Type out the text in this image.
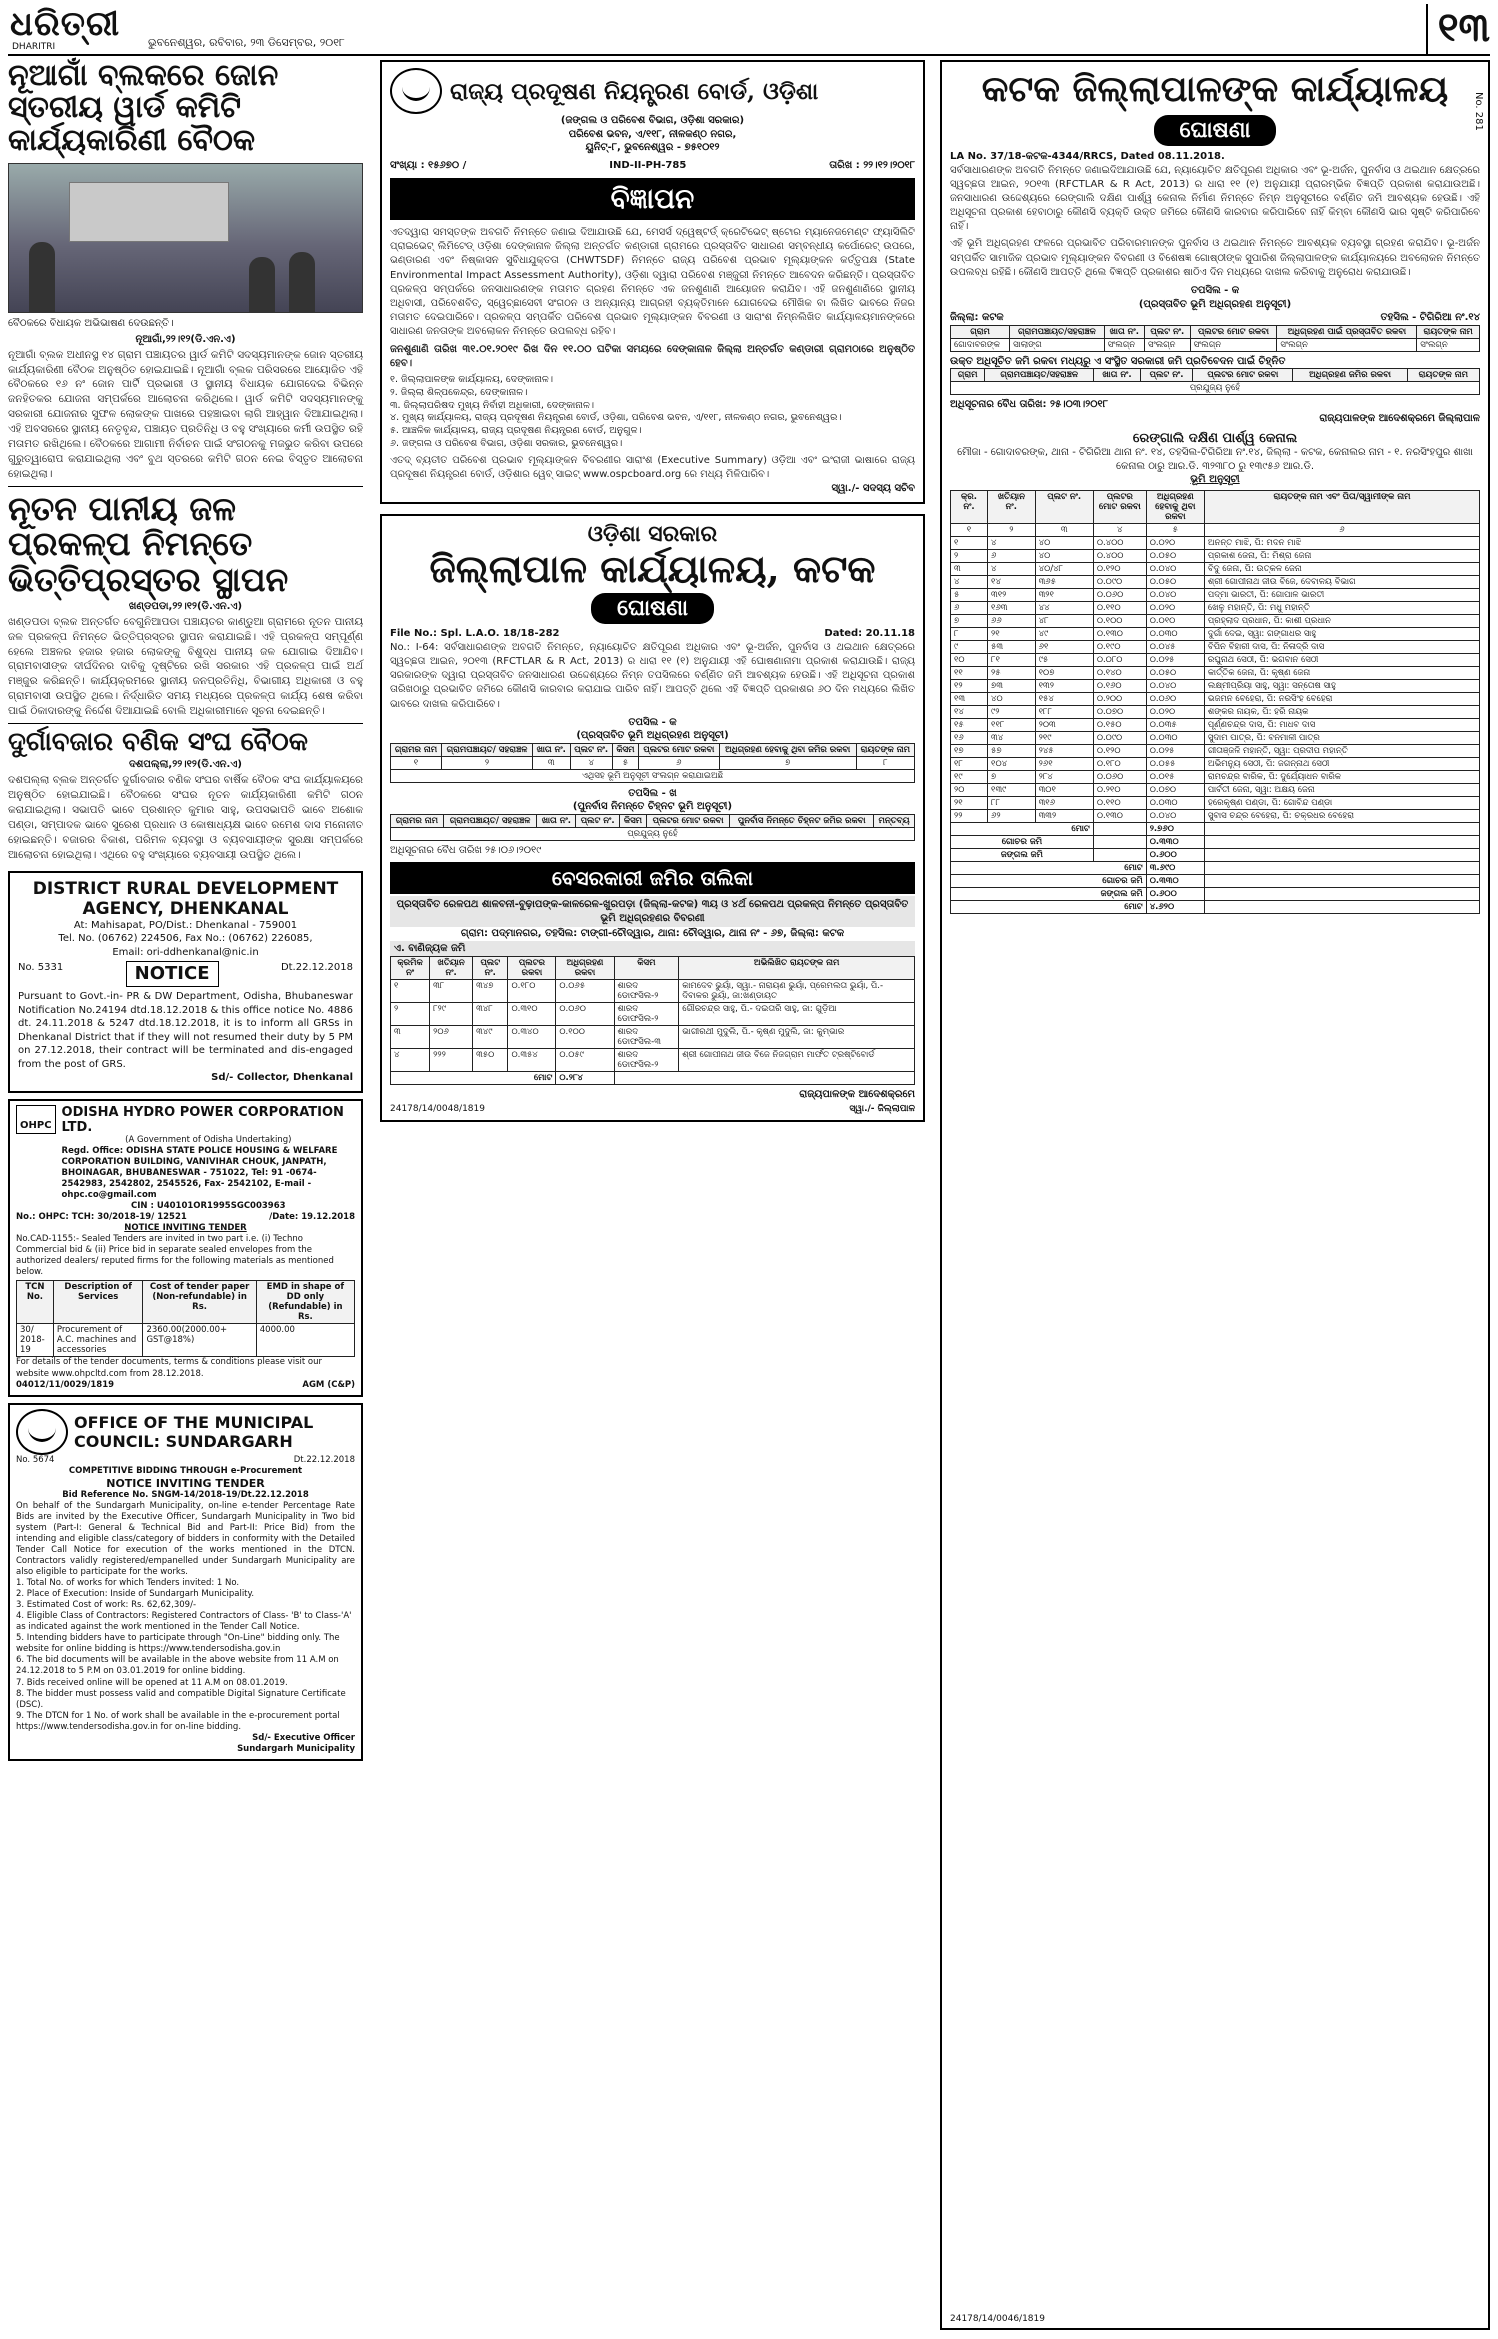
ଧରିତ୍ରୀ
DHARITRI	ଭୁବନେଶ୍ୱର, ରବିବାର, ୨୩ ଡିସେମ୍ବର, ୨୦୧୮	୧୩
ନୂଆଗାଁ ବ୍ଲକରେ ଜୋନ ସ୍ତରୀୟ ୱାର୍ଡ କମିଟି କାର୍ଯ୍ୟକାରିଣୀ ବୈଠକ
ବୈଠକରେ ବିଧାୟକ ଅଭିଭାଷଣ ଦେଉଛନ୍ତି।
ନୂଆଗାଁ,୨୨।୧୨(ଡି.ଏନ.ଏ)
ନୂଆଗାଁ ବ୍ଲକ ଅଧୀନସ୍ଥ ୧୪ ଗ୍ରାମ ପଞ୍ଚାୟତର ୱାର୍ଡ କମିଟି ସଦସ୍ୟମାନଙ୍କ ଜୋନ ସ୍ତରୀୟ କାର୍ଯ୍ୟକାରିଣୀ ବୈଠକ ଅନୁଷ୍ଠିତ ହୋଇଯାଇଛି। ନୂଆଗାଁ ବ୍ଲକ ପରିସରରେ ଆୟୋଜିତ ଏହି ବୈଠକରେ ୧୬ ନଂ ଜୋନ ପାର୍ଟି ପ୍ରଭାରୀ ଓ ସ୍ଥାନୀୟ ବିଧାୟକ ଯୋଗଦେଇ ବିଭିନ୍ନ ଜନହିତକର ଯୋଜନା ସମ୍ପର୍କରେ ଆଲୋଚନା କରିଥିଲେ। ୱାର୍ଡ କମିଟି ସଦସ୍ୟମାନଙ୍କୁ ସରକାରୀ ଯୋଜନାର ସୁଫଳ ଲୋକଙ୍କ ପାଖରେ ପହଞ୍ଚାଇବା ଲାଗି ଆହ୍ୱାନ ଦିଆଯାଇଥିଲା। ଏହି ଅବସରରେ ସ୍ଥାନୀୟ ନେତୃବୃନ୍ଦ, ପଞ୍ଚାୟତ ପ୍ରତିନିଧି ଓ ବହୁ ସଂଖ୍ୟାରେ କର୍ମୀ ଉପସ୍ଥିତ ରହି ମତାମତ ରଖିଥିଲେ। ବୈଠକରେ ଆଗାମୀ ନିର୍ବାଚନ ପାଇଁ ସଂଗଠନକୁ ମଜଭୁତ କରିବା ଉପରେ ଗୁରୁତ୍ୱାରୋପ କରାଯାଇଥିଲା ଏବଂ ବୁଥ ସ୍ତରରେ କମିଟି ଗଠନ ନେଇ ବିସ୍ତୃତ ଆଲୋଚନା ହୋଇଥିଲା।
ନୂତନ ପାନୀୟ ଜଳ ପ୍ରକଳ୍ପ ନିମନ୍ତେ ଭିତ୍ତିପ୍ରସ୍ତର ସ୍ଥାପନ
ଖଣ୍ଡପଡା,୨୨।୧୨(ଡି.ଏନ.ଏ)
ଖଣ୍ଡପଡା ବ୍ଲକ ଅନ୍ତର୍ଗତ ବେଗୁନିଆପଡା ପଞ୍ଚାୟତର କାଣ୍ଡୁଆ ଗ୍ରାମରେ ନୂତନ ପାନୀୟ ଜଳ ପ୍ରକଳ୍ପ ନିମନ୍ତେ ଭିତ୍ତିପ୍ରସ୍ତର ସ୍ଥାପନ କରାଯାଇଛି। ଏହି ପ୍ରକଳ୍ପ ସମ୍ପୂର୍ଣ୍ଣ ହେଲେ ଅଞ୍ଚଳର ହଜାର ହଜାର ଲୋକଙ୍କୁ ବିଶୁଦ୍ଧ ପାନୀୟ ଜଳ ଯୋଗାଇ ଦିଆଯିବ। ଗ୍ରାମବାସୀଙ୍କ ଦୀର୍ଘଦିନର ଦାବିକୁ ଦୃଷ୍ଟିରେ ରଖି ସରକାର ଏହି ପ୍ରକଳ୍ପ ପାଇଁ ଅର୍ଥ ମଞ୍ଜୁର କରିଛନ୍ତି। କାର୍ଯ୍ୟକ୍ରମରେ ସ୍ଥାନୀୟ ଜନପ୍ରତିନିଧି, ବିଭାଗୀୟ ଅଧିକାରୀ ଓ ବହୁ ଗ୍ରାମବାସୀ ଉପସ୍ଥିତ ଥିଲେ। ନିର୍ଦ୍ଧାରିତ ସମୟ ମଧ୍ୟରେ ପ୍ରକଳ୍ପ କାର୍ଯ୍ୟ ଶେଷ କରିବା ପାଇଁ ଠିକାଦାରଙ୍କୁ ନିର୍ଦ୍ଦେଶ ଦିଆଯାଇଛି ବୋଲି ଅଧିକାରୀମାନେ ସୂଚନା ଦେଇଛନ୍ତି।
ଦୁର୍ଗାବଜାର ବଣିକ ସଂଘ ବୈଠକ
ଦଶପଲ୍ଲା,୨୨।୧୨(ଡି.ଏନ.ଏ)
ଦଶପଲ୍ଲା ବ୍ଲକ ଅନ୍ତର୍ଗତ ଦୁର୍ଗାବଜାର ବଣିକ ସଂଘର ବାର୍ଷିକ ବୈଠକ ସଂଘ କାର୍ଯ୍ୟାଳୟରେ ଅନୁଷ୍ଠିତ ହୋଇଯାଇଛି। ବୈଠକରେ ସଂଘର ନୂତନ କାର୍ଯ୍ୟକାରିଣୀ କମିଟି ଗଠନ କରାଯାଇଥିଲା। ସଭାପତି ଭାବେ ପ୍ରଶାନ୍ତ କୁମାର ସାହୁ, ଉପସଭାପତି ଭାବେ ଅଶୋକ ପଣ୍ଡା, ସମ୍ପାଦକ ଭାବେ ସୁରେଶ ପ୍ରଧାନ ଓ କୋଷାଧ୍ୟକ୍ଷ ଭାବେ ରମେଶ ଦାସ ମନୋନୀତ ହୋଇଛନ୍ତି। ବଜାରର ବିକାଶ, ପରିମଳ ବ୍ୟବସ୍ଥା ଓ ବ୍ୟବସାୟୀଙ୍କ ସୁରକ୍ଷା ସମ୍ପର୍କରେ ଆଲୋଚନା ହୋଇଥିଲା। ଏଥିରେ ବହୁ ସଂଖ୍ୟାରେ ବ୍ୟବସାୟୀ ଉପସ୍ଥିତ ଥିଲେ।
DISTRICT RURAL DEVELOPMENT
AGENCY, DHENKANAL
At: Mahisapat, PO/Dist.: Dhenkanal - 759001
Tel. No. (06762) 224506, Fax No.: (06762) 226085,
Email: ori-ddhenkanal@nic.in
No. 5331	NOTICE	Dt.22.12.2018
Pursuant to Govt.-in- PR & DW Department, Odisha, Bhubaneswar Notification No.24194 dtd.18.12.2018 & this office notice No. 4886 dt. 24.11.2018 & 5247 dtd.18.12.2018, it is to inform all GRSs in Dhenkanal District that if they will not resumed their duty by 5 PM on 27.12.2018, their contract will be terminated and dis-engaged from the post of GRS.
Sd/- Collector, Dhenkanal
OHPC
ODISHA HYDRO POWER CORPORATION LTD.
(A Government of Odisha Undertaking)
Regd. Office: ODISHA STATE POLICE HOUSING & WELFARE CORPORATION BUILDING, VANIVIHAR CHOUK, JANPATH, BHOINAGAR, BHUBANESWAR - 751022, Tel: 91 -0674-2542983, 2542802, 2545526, Fax- 2542102, E-mail - ohpc.co@gmail.com
CIN : U40101OR1995SGC003963
No.: OHPC: TCH: 30/2018-19/ 12521	/Date: 19.12.2018
NOTICE INVITING TENDER
No.CAD-1155:- Sealed Tenders are invited in two part i.e. (i) Techno Commercial bid & (ii) Price bid in separate sealed envelopes from the authorized dealers/ reputed firms for the following materials as mentioned below.
TCN No.	Description of Services	Cost of tender paper (Non-refundable) in Rs.	EMD in shape of DD only (Refundable) in Rs.
30/ 2018-19	Procurement of A.C. machines and accessories	2360.00(2000.00+ GST@18%)	4000.00
For details of the tender documents, terms & conditions please visit our website www.ohpcltd.com from 28.12.2018.
04012/11/0029/1819	AGM (C&P)
OFFICE OF THE MUNICIPAL
COUNCIL: SUNDARGARH
No. 5674	Dt.22.12.2018
COMPETITIVE BIDDING THROUGH e-Procurement
NOTICE INVITING TENDER
Bid Reference No. SNGM-14/2018-19/Dt.22.12.2018
On behalf of the Sundargarh Municipality, on-line e-tender Percentage Rate Bids are invited by the Executive Officer, Sundargarh Municipality in Two bid system (Part-I: General & Technical Bid and Part-II: Price Bid) from the intending and eligible class/category of bidders in conformity with the Detailed Tender Call Notice for execution of the works mentioned in the DTCN. Contractors validly registered/empanelled under Sundargarh Municipality are also eligible to participate for the works.
1. Total No. of works for which Tenders invited: 1 No.
2. Place of Execution: Inside of Sundargarh Municipality.
3. Estimated Cost of work: Rs. 62,62,309/-
4. Eligible Class of Contractors: Registered Contractors of Class- 'B' to Class-'A' as indicated against the work mentioned in the Tender Call Notice.
5. Intending bidders have to participate through "On-Line" bidding only. The website for online bidding is https://www.tendersodisha.gov.in
6. The bid documents will be available in the above website from 11 A.M on 24.12.2018 to 5 P.M on 03.01.2019 for online bidding.
7. Bids received online will be opened at 11 A.M on 08.01.2019.
8. The bidder must possess valid and compatible Digital Signature Certificate (DSC).
9. The DTCN for 1 No. of work shall be available in the e-procurement portal https://www.tendersodisha.gov.in for on-line bidding.
Sd/- Executive Officer
Sundargarh Municipality
ରାଜ୍ୟ ପ୍ରଦୂଷଣ ନିୟନ୍ତ୍ରଣ ବୋର୍ଡ, ଓଡ଼ିଶା
(ଜଙ୍ଗଲ ଓ ପରିବେଶ ବିଭାଗ, ଓଡ଼ିଶା ସରକାର)
ପରିବେଶ ଭବନ, ଏ/୧୧୮, ନୀଳକଣ୍ଠ ନଗର,
ୟୁନିଟ୍-୮, ଭୁବନେଶ୍ୱର - ୭୫୧୦୧୨
ସଂଖ୍ୟା : ୧୫୬୭୦ /	IND-II-PH-785	ତାରିଖ : ୨୨।୧୨।୨୦୧୮
ବିଜ୍ଞାପନ
ଏତଦ୍ୱାରା ସମସ୍ତଙ୍କ ଅବଗତି ନିମନ୍ତେ ଜଣାଇ ଦିଆଯାଉଛି ଯେ, ମେସର୍ସ ଦ୍ୱେଷ୍ଟର୍ଡ୍ କ୍ରେଟିଭେଟ୍ ଷ୍ଟୋର ମ୍ୟାନେଜମେଣ୍ଟ ଫ୍ୟାସିଲିଟି ପ୍ରାଇଭେଟ୍ ଲିମିଟେଡ୍ ଓଡ଼ିଶା ଦେଙ୍କାନାଳ ଜିଲ୍ଲା ଅନ୍ତର୍ଗତ କଣ୍ଡାରୀ ଗ୍ରାମରେ ପ୍ରସ୍ତାବିତ ସାଧାରଣ ସମ୍ବନ୍ଧୀୟ କର୍ପୋରେଟ୍ ଉପରେ, ଭଣ୍ଡାରଣ ଏବଂ ନିଷ୍କାସନ ସୁବିଧାଯୁକ୍ତତା (CHWTSDF) ନିମନ୍ତେ ରାଜ୍ୟ ପରିବେଶ ପ୍ରଭାବ ମୂଲ୍ୟାଙ୍କନ କର୍ତ୍ତୃପକ୍ଷ (State Environmental Impact Assessment Authority), ଓଡ଼ିଶା ଦ୍ୱାରା ପରିବେଶ ମଞ୍ଜୁରୀ ନିମନ୍ତେ ଆବେଦନ କରିଛନ୍ତି। ପ୍ରସ୍ତାବିତ ପ୍ରକଳ୍ପ ସମ୍ପର୍କରେ ଜନସାଧାରଣଙ୍କ ମତାମତ ଗ୍ରହଣ ନିମନ୍ତେ ଏକ ଜନଶୁଣାଣି ଆୟୋଜନ କରାଯିବ। ଏହି ଜନଶୁଣାଣିରେ ସ୍ଥାନୀୟ ଅଧିବାସୀ, ପରିବେଶବିତ୍, ସ୍ୱେଚ୍ଛାସେବୀ ସଂଗଠନ ଓ ଅନ୍ୟାନ୍ୟ ଆଗ୍ରହୀ ବ୍ୟକ୍ତିମାନେ ଯୋଗଦେଇ ମୌଖିକ ବା ଲିଖିତ ଭାବରେ ନିଜର ମତାମତ ଦେଇପାରିବେ। ପ୍ରକଳ୍ପ ସମ୍ପର୍କିତ ପରିବେଶ ପ୍ରଭାବ ମୂଲ୍ୟାଙ୍କନ ବିବରଣୀ ଓ ସାରାଂଶ ନିମ୍ନଲିଖିତ କାର୍ଯ୍ୟାଳୟମାନଙ୍କରେ ସାଧାରଣ ଜନତାଙ୍କ ଅବଲୋକନ ନିମନ୍ତେ ଉପଲବ୍ଧ ରହିବ।
ଜନଶୁଣାଣି ତାରିଖ ୩୧.୦୧.୨୦୧୯ ରିଖ ଦିନ ୧୧.୦୦ ଘଟିକା ସମୟରେ ଦେଙ୍କାନାଳ ଜିଲ୍ଲା ଅନ୍ତର୍ଗତ କଣ୍ଡାରୀ ଗ୍ରାମଠାରେ ଅନୁଷ୍ଠିତ ହେବ।
୧. ଜିଲ୍ଲାପାଳଙ୍କ କାର୍ଯ୍ୟାଳୟ, ଦେଙ୍କାନାଳ।
୨. ଜିଲ୍ଲା ଶିଳ୍ପକେନ୍ଦ୍ର, ଦେଙ୍କାନାଳ।
୩. ଜିଲ୍ଲାପରିଷଦ ମୁଖ୍ୟ ନିର୍ବାହୀ ଅଧିକାରୀ, ଦେଙ୍କାନାଳ।
୪. ମୁଖ୍ୟ କାର୍ଯ୍ୟାଳୟ, ରାଜ୍ୟ ପ୍ରଦୂଷଣ ନିୟନ୍ତ୍ରଣ ବୋର୍ଡ, ଓଡ଼ିଶା, ପରିବେଶ ଭବନ, ଏ/୧୧୮, ନୀଳକଣ୍ଠ ନଗର, ଭୁବନେଶ୍ୱର।
୫. ଆଞ୍ଚଳିକ କାର୍ଯ୍ୟାଳୟ, ରାଜ୍ୟ ପ୍ରଦୂଷଣ ନିୟନ୍ତ୍ରଣ ବୋର୍ଡ, ଅନୁଗୁଳ।
୬. ଜଙ୍ଗଲ ଓ ପରିବେଶ ବିଭାଗ, ଓଡ଼ିଶା ସରକାର, ଭୁବନେଶ୍ୱର।
ଏତଦ୍ ବ୍ୟତୀତ ପରିବେଶ ପ୍ରଭାବ ମୂଲ୍ୟାଙ୍କନ ବିବରଣୀର ସାରାଂଶ (Executive Summary) ଓଡ଼ିଆ ଏବଂ ଇଂରାଜୀ ଭାଷାରେ ରାଜ୍ୟ ପ୍ରଦୂଷଣ ନିୟନ୍ତ୍ରଣ ବୋର୍ଡ, ଓଡ଼ିଶାର ୱେବ୍ ସାଇଟ୍ www.ospcboard.org ରେ ମଧ୍ୟ ମିଳିପାରିବ।
ସ୍ୱା./- ସଦସ୍ୟ ସଚିବ
ଓଡ଼ିଶା ସରକାର
ଜିଲ୍ଲାପାଳ କାର୍ଯ୍ୟାଳୟ, କଟକ
ଘୋଷଣା
File No.: Spl. L.A.O. 18/18-282	Dated: 20.11.18
No.: I-64: ସର୍ବସାଧାରଣଙ୍କ ଅବଗତି ନିମନ୍ତେ, ନ୍ୟାୟୋଚିତ କ୍ଷତିପୂରଣ ଅଧିକାର ଏବଂ ଭୂ-ଅର୍ଜନ, ପୁନର୍ବାସ ଓ ଥଇଥାନ କ୍ଷେତ୍ରରେ ସ୍ୱଚ୍ଛତା ଆଇନ, ୨୦୧୩ (RFCTLAR & R Act, 2013) ର ଧାରା ୧୧ (୧) ଅନୁଯାୟୀ ଏହି ଘୋଷଣାନାମା ପ୍ରକାଶ କରାଯାଉଛି। ରାଜ୍ୟ ସରକାରଙ୍କ ଦ୍ୱାରା ପ୍ରସ୍ତାବିତ ଜନସାଧାରଣ ଉଦ୍ଦେଶ୍ୟରେ ନିମ୍ନ ତପସିଲରେ ବର୍ଣ୍ଣିତ ଜମି ଆବଶ୍ୟକ ହେଉଛି। ଏହି ଅଧିସୂଚନା ପ୍ରକାଶ ତାରିଖଠାରୁ ପ୍ରଭାବିତ ଜମିରେ କୌଣସି କାରବାର କରାଯାଇ ପାରିବ ନାହିଁ। ଆପତ୍ତି ଥିଲେ ଏହି ବିଜ୍ଞପ୍ତି ପ୍ରକାଶର ୬୦ ଦିନ ମଧ୍ୟରେ ଲିଖିତ ଭାବରେ ଦାଖଲ କରିପାରିବେ।
ତପସିଲ - କ
(ପ୍ରସ୍ତାବିତ ଭୂମି ଅଧିଗ୍ରହଣ ଅନୁସୂଚୀ)
ଗ୍ରାମର ନାମ	ଗ୍ରାମପଞ୍ଚାୟତ/ ସହରାଞ୍ଚଳ	ଖାତା ନଂ.	ପ୍ଲଟ ନଂ.	କିସମ	ପ୍ଲଟର ମୋଟ ରକବା	ଅଧିଗ୍ରହଣ ହେବାକୁ ଥିବା ଜମିର ରକବା	ରାୟତଙ୍କ ନାମ
୧	୨	୩	୪	୫	୬	୭	୮
ଏଥିସହ ଭୂମି ଅନୁସୂଚୀ ସଂଲଗ୍ନ କରାଯାଇଅଛି							
ତପସିଲ - ଖ
(ପୁନର୍ବାସ ନିମନ୍ତେ ଚିହ୍ନଟ ଭୂମି ଅନୁସୂଚୀ)
ଗ୍ରାମର ନାମ	ଗ୍ରାମପଞ୍ଚାୟତ/ ସହରାଞ୍ଚଳ	ଖାତା ନଂ.	ପ୍ଲଟ ନଂ.	କିସମ	ପ୍ଲଟର ମୋଟ ରକବା	ପୁନର୍ବାସ ନିମନ୍ତେ ଚିହ୍ନଟ ଜମିର ରକବା	ମନ୍ତବ୍ୟ
ପ୍ରଯୁଜ୍ୟ ନୁହେଁ
ଅଧିସୂଚନାର ବୈଧ ତାରିଖ ୨୫।୦୬।୨୦୧୯
ବେସରକାରୀ ଜମିର ତାଲିକା
ପ୍ରସ୍ତାବିତ ରେଳପଥ ଶାଳବନୀ-ବୁଢ଼ାପଙ୍କ-କାଳରେଳ-ଖୁରପଡ଼ା (ଜିଲ୍ଲା-କଟକ) ୩ୟ ଓ ୪ର୍ଥ ରେଳପଥ ପ୍ରକଳ୍ପ ନିମନ୍ତେ ପ୍ରସ୍ତାବିତ ଭୂମି ଅଧିଗ୍ରହଣର ବିବରଣୀ
ଗ୍ରାମ: ପଦ୍ମାନଗର, ତହସିଲ: ଟାଙ୍ଗୀ-ଚୌଦ୍ୱାର, ଥାନା: ଚୌଦ୍ୱାର, ଥାନା ନଂ - ୬୭, ଜିଲ୍ଲା: କଟକ
ଏ. ବାଣିଜ୍ୟକ ଜମି
କ୍ରମିକ ନଂ	ଖତିୟାନ ନଂ.	ପ୍ଲଟ ନଂ.	ପ୍ଲଟର ରକବା	ଅଧିଗ୍ରହଣ ରକବା	କିସମ	ଅଭିଲିଖିତ ରାୟତଙ୍କ ନାମ
୧	୩୮	୩୪୭	୦.୧୮୦	୦.୦୬୫	ଶାରଦ ଡୋଫସିଲ-୨	କାମଦେବ ଭୁୟାଁ, ସ୍ୱା.- ନାରାୟଣ ଭୁୟାଁ, ପ୍ରେମଲତା ଭୁୟାଁ, ପି.- ଦିବାକର ଭୁୟାଁ, ଜା:ଖଣ୍ଡାୟତ
୨	୮୨୯	୩୪୮	୦.୩୧୦	୦.୦୬୦	ଶାରଦ ଡୋଫସିଲ-୨	ଗୌରଚନ୍ଦ୍ର ସାହୁ, ପି.- ଦଇତାରି ସାହୁ, ଜା: ଗୁଡ଼ିଆ
୩	୨୦୬	୩୪୯	୦.୩୪୦	୦.୧୦୦	ଶାରଦ ଡୋଫସିଲ-୩	ଭାଗୀରଥୀ ମୁଦୁଲି, ପି.- କୃଷ୍ଣ ମୁଦୁଲି, ଜା: କୁମ୍ଭାର
୪	୨୨୨	୩୫୦	୦.୩୫୪	୦.୦୫୯	ଶାରଦ ଡୋଫସିଲ-୨	ଶ୍ରୀ ଗୋପୀନାଥ ଜୀଉ ବିଜେ ନିଜଗ୍ରାମ ମାର୍ଫତ ଟ୍ରଷ୍ଟିବୋର୍ଡ
ମୋଟ				୦.୨୮୪		
ରାଜ୍ୟପାଳଙ୍କ ଆଦେଶକ୍ରମେ
24178/14/0048/1819	ସ୍ୱା./- ଜିଲ୍ଲାପାଳ
କଟକ ଜିଲ୍ଲାପାଳଙ୍କ କାର୍ଯ୍ୟାଳୟ
ଘୋଷଣା	No. 281
LA No. 37/18-କଟକ-4344/RRCS, Dated 08.11.2018.
ସର୍ବସାଧାରଣଙ୍କ ଅବଗତି ନିମନ୍ତେ ଜଣାଇଦିଆଯାଉଛି ଯେ, ନ୍ୟାୟୋଚିତ କ୍ଷତିପୂରଣ ଅଧିକାର ଏବଂ ଭୂ-ଅର୍ଜନ, ପୁନର୍ବାସ ଓ ଥଇଥାନ କ୍ଷେତ୍ରରେ ସ୍ୱଚ୍ଛତା ଆଇନ, ୨୦୧୩ (RFCTLAR & R Act, 2013) ର ଧାରା ୧୧ (୧) ଅନୁଯାୟୀ ପ୍ରାରମ୍ଭିକ ବିଜ୍ଞପ୍ତି ପ୍ରକାଶ କରାଯାଉଅଛି। ଜନସାଧାରଣ ଉଦ୍ଦେଶ୍ୟରେ ରେଙ୍ଗାଲି ଦକ୍ଷିଣ ପାର୍ଶ୍ୱ କେନାଲ ନିର୍ମାଣ ନିମନ୍ତେ ନିମ୍ନ ଅନୁସୂଚୀରେ ବର୍ଣ୍ଣିତ ଜମି ଆବଶ୍ୟକ ହେଉଛି। ଏହି ଅଧିସୂଚନା ପ୍ରକାଶ ହେବାଠାରୁ କୌଣସି ବ୍ୟକ୍ତି ଉକ୍ତ ଜମିରେ କୌଣସି କାରବାର କରିପାରିବେ ନାହିଁ କିମ୍ବା କୌଣସି ଭାର ସୃଷ୍ଟି କରିପାରିବେ ନାହିଁ।
ଏହି ଭୂମି ଅଧିଗ୍ରହଣ ଫଳରେ ପ୍ରଭାବିତ ପରିବାରମାନଙ୍କ ପୁନର୍ବାସ ଓ ଥଇଥାନ ନିମନ୍ତେ ଆବଶ୍ୟକ ବ୍ୟବସ୍ଥା ଗ୍ରହଣ କରାଯିବ। ଭୂ-ଅର୍ଜନ ସମ୍ପର୍କିତ ସାମାଜିକ ପ୍ରଭାବ ମୂଲ୍ୟାଙ୍କନ ବିବରଣୀ ଓ ବିଶେଷଜ୍ଞ ଗୋଷ୍ଠୀଙ୍କ ସୁପାରିଶ ଜିଲ୍ଲାପାଳଙ୍କ କାର୍ଯ୍ୟାଳୟରେ ଅବଲୋକନ ନିମନ୍ତେ ଉପଲବ୍ଧ ରହିଛି। କୌଣସି ଆପତ୍ତି ଥିଲେ ବିଜ୍ଞପ୍ତି ପ୍ରକାଶର ଷାଠିଏ ଦିନ ମଧ୍ୟରେ ଦାଖଲ କରିବାକୁ ଅନୁରୋଧ କରାଯାଉଛି।
ତପସିଲ - କ
(ପ୍ରସ୍ତାବିତ ଭୂମି ଅଧିଗ୍ରହଣ ଅନୁସୂଚୀ)
ଜିଲ୍ଲା: କଟକ	ତହସିଲ - ଟିଗିରିଆ ନଂ.୧୪
ଗ୍ରାମ	ଗ୍ରାମପଞ୍ଚାୟତ/ସହରାଞ୍ଚଳ	ଖାତା ନଂ.	ପ୍ଲଟ ନଂ.	ପ୍ଲଟର ମୋଟ ରକବା	ଅଧିଗ୍ରହଣ ପାଇଁ ପ୍ରସ୍ତାବିତ ରକବା	ରାୟତଙ୍କ ନାମ
ଗୋଦାବରଙ୍କ	ସାଲାଙ୍ଗ	ସଂଲଗ୍ନ	ସଂଲଗ୍ନ	ସଂଲଗ୍ନ	ସଂଲଗ୍ନ	ସଂଲଗ୍ନ
ଉକ୍ତ ଅଧିସୂଚିତ ଜମି ରକବା ମଧ୍ୟରୁ ଏ ସଂସ୍ଥିତ ସରକାରୀ ଜମି ପ୍ରତିବେଦନ ପାଇଁ ଚିହ୍ନିତ
ଗ୍ରାମ	ଗ୍ରାମପଞ୍ଚାୟତ/ସହରାଞ୍ଚଳ	ଖାତା ନଂ.	ପ୍ଲଟ ନଂ.	ପ୍ଲଟର ମୋଟ ରକବା	ଅଧିଗ୍ରହଣ ଜମିର ରକବା	ରାୟତଙ୍କ ନାମ
ପ୍ରଯୁଜ୍ୟ ନୁହେଁ
ଅଧିସୂଚନାର ବୈଧ ତାରିଖ: ୨୫।୦୩।୨୦୧୮
ରାଜ୍ୟପାଳଙ୍କ ଆଦେଶକ୍ରମେ ଜିଲ୍ଲାପାଳ
ରେଙ୍ଗାଲି ଦକ୍ଷିଣ ପାର୍ଶ୍ୱ କେନାଲ
ମୌଜା - ଗୋଦାବରଙ୍କ, ଥାନା - ଟିଗିରିଆ ଥାନା ନଂ. ୧୪, ତହସିଲ-ଟିଗିରିଆ ନଂ.୧୪, ଜିଲ୍ଲା - କଟକ, କେନାଲର ନାମ - ୧. ନରସିଂହପୁର ଶାଖା କେନାଲ ଠାରୁ ଆର.ଡି. ୩୨୩୮୦ ରୁ ୧୩୯୫୬ ଆର.ଡି.
ଭୂମି ଅନୁସୂଚୀ
କ୍ର. ନଂ.	ଖତିୟାନ ନଂ.	ପ୍ଲଟ ନଂ.	ପ୍ଲଟର ମୋଟ ରକବା	ଅଧିଗ୍ରହଣ ହେବାକୁ ଥିବା ରକବା	ରାୟତଙ୍କ ନାମ ଏବଂ ପିତା/ସ୍ୱାମୀଙ୍କ ନାମ
୧	୨	୩	୪	୫	୬
୧	୪	୪୦	୦.୪୦୦	୦.୦୨୦	ଅନନ୍ତ ମାଝି, ପି: ମଦନ ମାଝି
୨	୬	୪୦	୦.୪୦୦	୦.୦୫୦	ପ୍ରକାଶ ଜେନା, ପି: ମିଶ୍ରା ଜେନା
୩	୪	୪୦/୪୮	୦.୧୨୦	୦.୦୪୦	ବିଦୁ ଜେନା, ପି: ଉତ୍କଳ ଜେନା
୪	୧୪	୩୬୫	୦.୦୯୦	୦.୦୫୦	ଶ୍ରୀ ଗୋପୀନାଥ ଜୀଉ ବିଜେ, ଦେବାଳୟ ବିଭାଗ
୫	୩୧୨	୩୨୧	୦.୦୬୦	୦.୦୪୦	ପଦ୍ମା ଭାରତୀ, ପି: ଗୋପାଳ ଭାରତୀ
୬	୧୬୩	୪୪	୦.୧୧୦	୦.୦୨୦	ଖେଳୁ ମହାନ୍ତି, ପି: ମଧୁ ମହାନ୍ତି
୭	୬୬	୪୮	୦.୧୦୦	୦.୦୧୦	ପ୍ରହ୍ଲାଦ ପ୍ରଧାନ, ପି: କାଶୀ ପ୍ରଧାନ
୮	୨୧	୪୯	୦.୧୩୦	୦.୦୩୦	ଦୁର୍ଗା ଦେଇ, ସ୍ୱା: ଗଙ୍ଗାଧର ସାହୁ
୯	୫୩	୬୧	୦.୧୯୦	୦.୦୪୫	ବିପିନ ବିହାରୀ ଦାସ, ପି: ନିଳାଦ୍ରି ଦାସ
୧୦	୮୧	୯୫	୦.୦୮୦	୦.୦୨୫	ରଘୁନାଥ ସେଠୀ, ପି: ଭଗବାନ ସେଠୀ
୧୧	୨୫	୧୦୭	୦.୧୪୦	୦.୦୫୦	କାର୍ତ୍ତିକ ଜେନା, ପି: କୃଷ୍ଣ ଜେନା
୧୨	୭୩	୧୩୨	୦.୧୬୦	୦.୦୪୦	ଲକ୍ଷ୍ମୀପ୍ରିୟା ସାହୁ, ସ୍ୱା: ସନ୍ତୋଷ ସାହୁ
୧୩	୪୦	୧୫୪	୦.୨୦୦	୦.୦୬୦	ଭଜମନ ବେହେରା, ପି: ନରସିଂହ ବେହେରା
୧୪	୯୨	୧୮୮	୦.୦୭୦	୦.୦୨୦	ଶଙ୍କର ନାୟକ, ପି: ହରି ନାୟକ
୧୫	୧୧୮	୨୦୩	୦.୧୫୦	୦.୦୩୫	ପୂର୍ଣ୍ଣଚନ୍ଦ୍ର ଦାସ, ପି: ମାଧବ ଦାସ
୧୬	୩୪	୨୧୯	୦.୦୯୦	୦.୦୩୦	ସୁଦାମ ପାତ୍ର, ପି: ବନମାଳୀ ପାତ୍ର
୧୭	୫୭	୨୪୫	୦.୧୨୦	୦.୦୨୫	ଗୀତାଞ୍ଜଳି ମହାନ୍ତି, ସ୍ୱା: ପ୍ରଦୀପ ମହାନ୍ତି
୧୮	୧୦୪	୨୬୧	୦.୧୮୦	୦.୦୫୫	ଅଭିମନ୍ୟୁ ସେଠୀ, ପି: ଜଗନ୍ନାଥ ସେଠୀ
୧୯	୭	୨୮୪	୦.୦୬୦	୦.୦୧୫	ରାମଚନ୍ଦ୍ର ବାରିକ, ପି: ଦୁର୍ଯ୍ୟୋଧନ ବାରିକ
୨୦	୧୩୯	୩୦୧	୦.୨୧୦	୦.୦୭୦	ପାର୍ବତୀ ଜେନା, ସ୍ୱା: ଅକ୍ଷୟ ଜେନା
୨୧	୮୮	୩୧୬	୦.୧୧୦	୦.୦୩୦	ହରେକୃଷ୍ଣ ପଣ୍ଡା, ପି: ଗୋବିନ୍ଦ ପଣ୍ଡା
୨୨	୬୨	୩୩୨	୦.୧୩୦	୦.୦୪୦	ସୁବାସ ଚନ୍ଦ୍ର ବେହେରା, ପି: ଚକ୍ରଧର ବେହେରା
ମୋଟ				୨.୭୬୦	
ଗୋଚର ଜମି				୦.୩୩୦	
ଜଙ୍ଗଲ ଜମି				୦.୬୦୦	
ମୋଟ				୩.୬୯୦	
ଗୋଚର ଜମି				୦.୩୩୦	
ଜଙ୍ଗଲ ଜମି				୦.୬୦୦	
ମୋଟ				୪.୬୨୦	
24178/14/0046/1819
